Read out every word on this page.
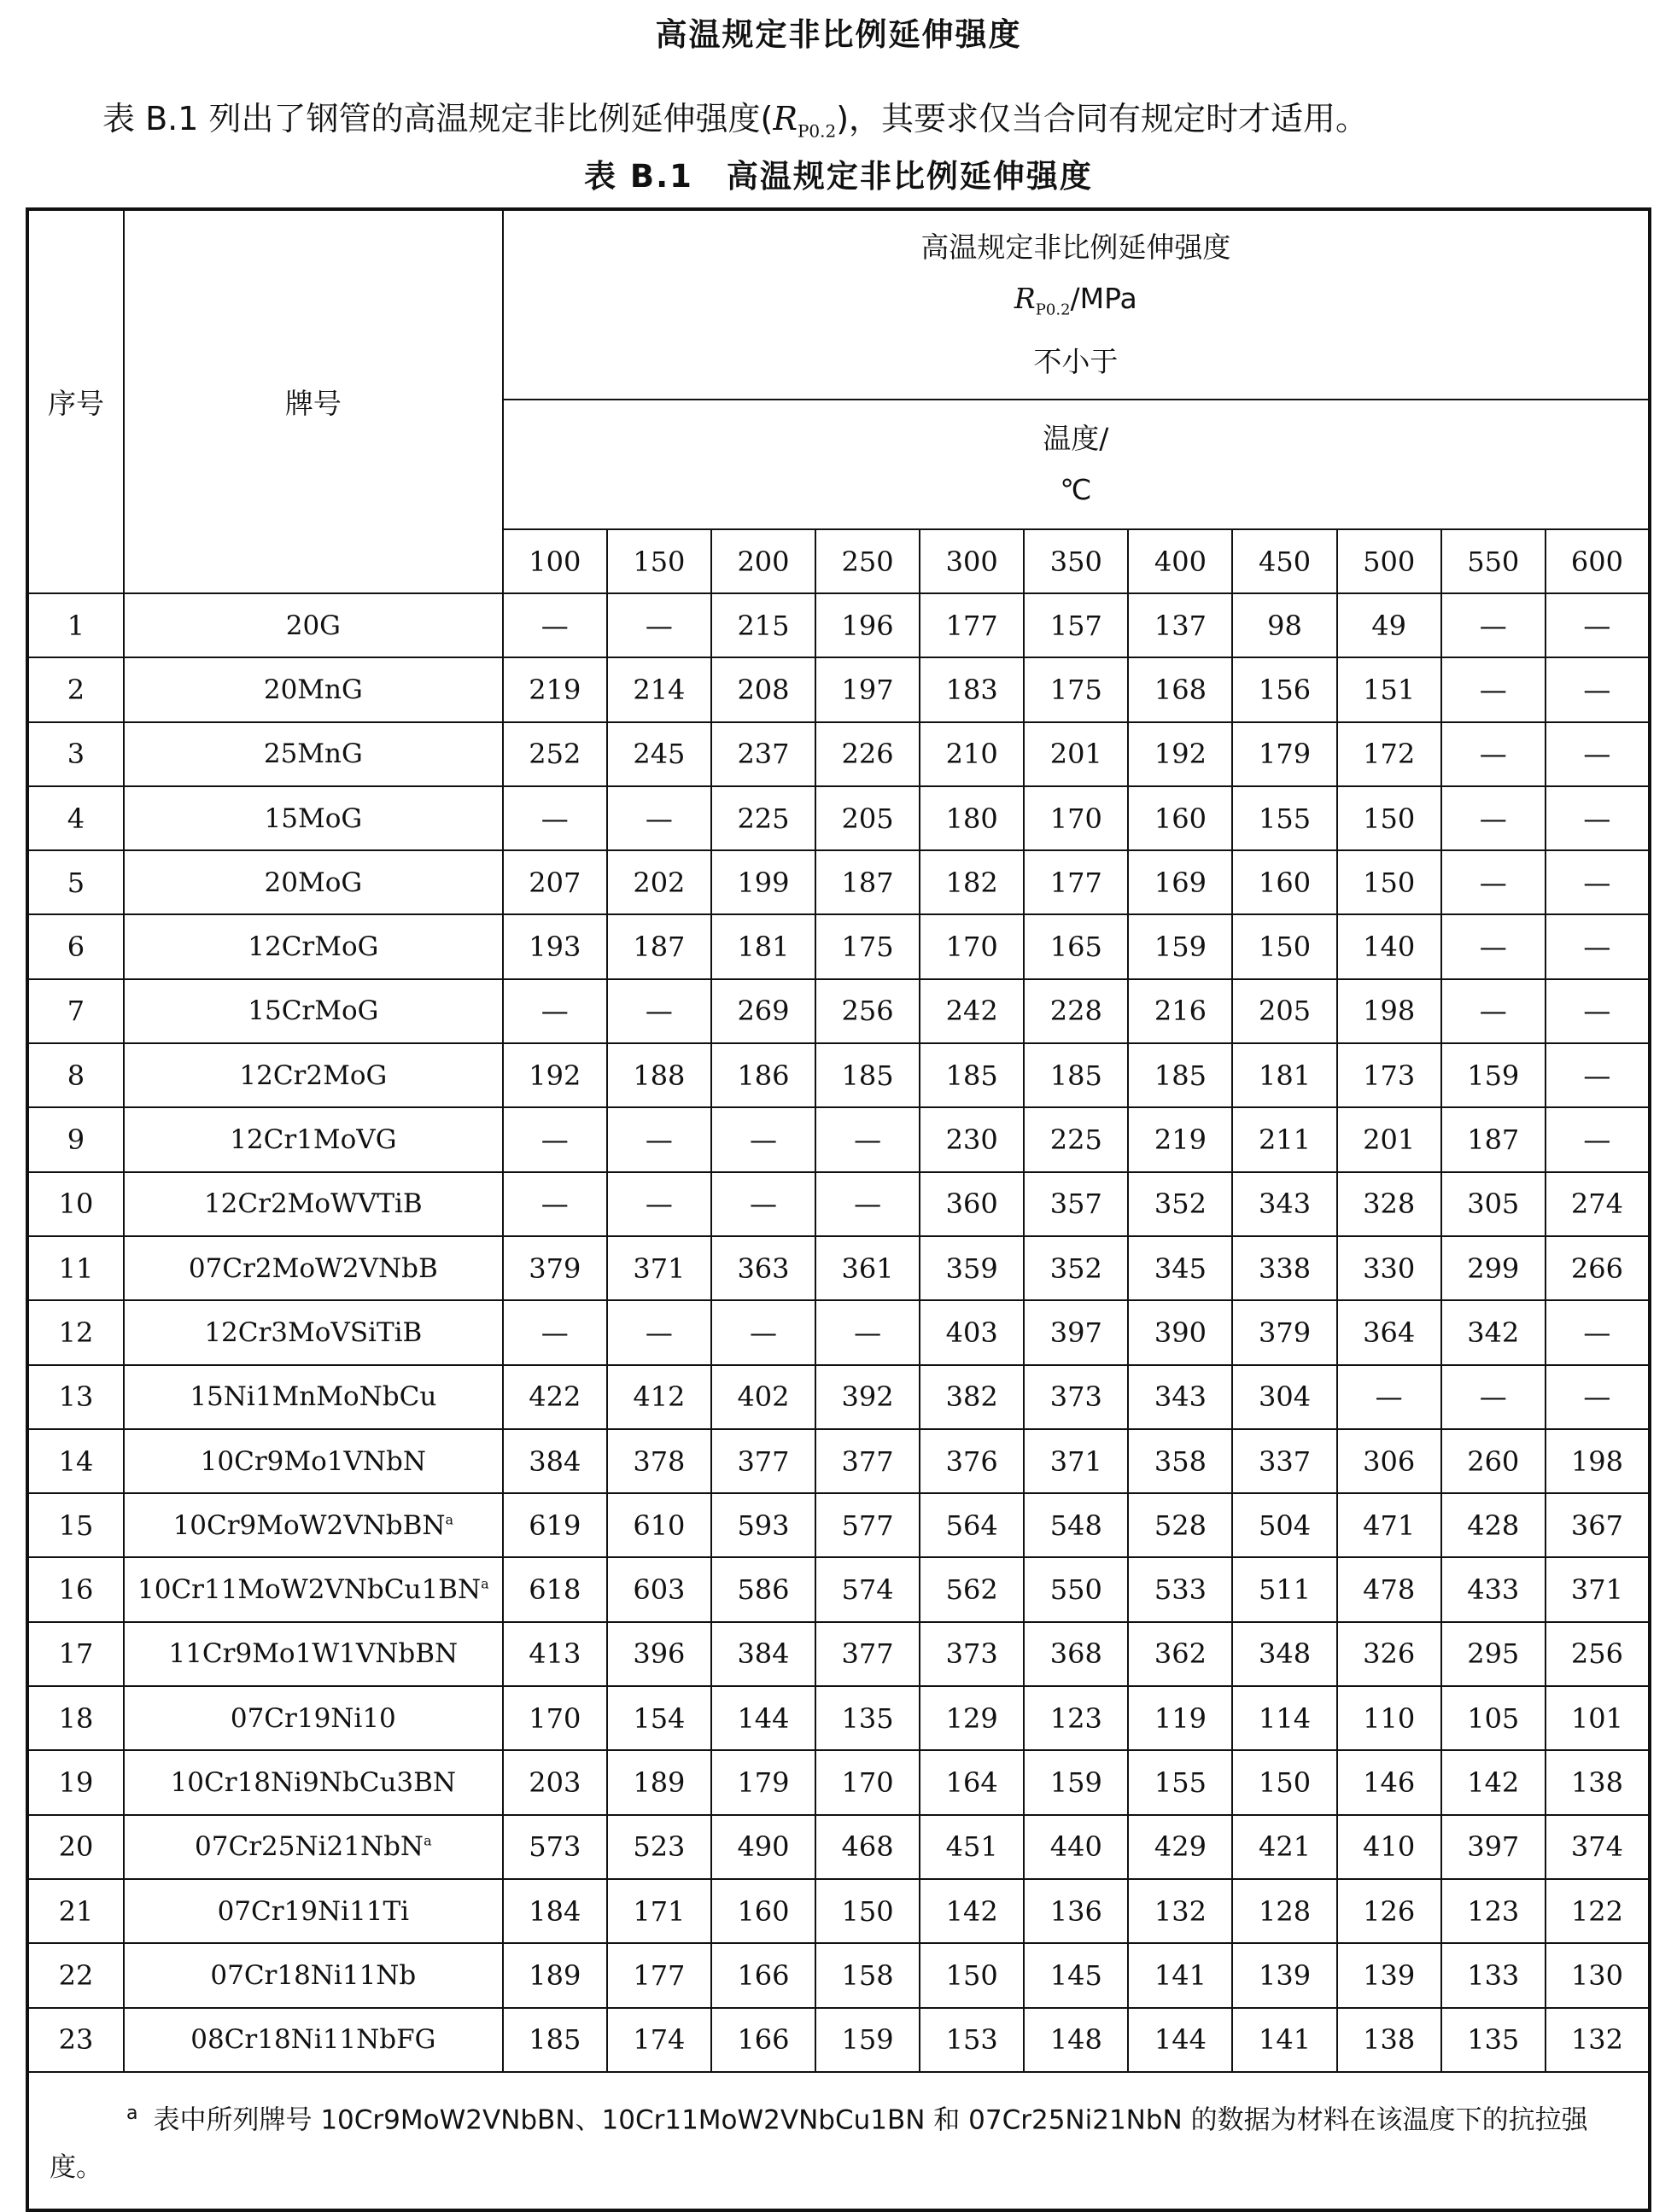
高温规定非比例延伸强度
表 B.1 列出了钢管的高温规定非比例延伸强度$(R_{P0.2})$，其要求仅当合同有规定时才适用。
表 B.1　高温规定非比例延伸强度
序号	牌号	高温规定非比例延伸强度
$R_{P0.2}$/MPa
不小于										

		温度/
℃										

		100	150	200	250	300	350	400	450	500	550	600
1	20G	—	—	215	196	177	157	137	98	49	—	—
2	20MnG	219	214	208	197	183	175	168	156	151	—	—
3	25MnG	252	245	237	226	210	201	192	179	172	—	—
4	15MoG	—	—	225	205	180	170	160	155	150	—	—
5	20MoG	207	202	199	187	182	177	169	160	150	—	—
6	12CrMoG	193	187	181	175	170	165	159	150	140	—	—
7	15CrMoG	—	—	269	256	242	228	216	205	198	—	—
8	12Cr2MoG	192	188	186	185	185	185	185	181	173	159	—
9	12Cr1MoVG	—	—	—	—	230	225	219	211	201	187	—
10	12Cr2MoWVTiB	—	—	—	—	360	357	352	343	328	305	274
11	07Cr2MoW2VNbB	379	371	363	361	359	352	345	338	330	299	266
12	12Cr3MoVSiTiB	—	—	—	—	403	397	390	379	364	342	—
13	15Ni1MnMoNbCu	422	412	402	392	382	373	343	304	—	—	—
14	10Cr9Mo1VNbN	384	378	377	377	376	371	358	337	306	260	198
15	10Cr9MoW2VNbBN$^a$	619	610	593	577	564	548	528	504	471	428	367
16	$10Cr11MoW2VNbCu1BN^a$	618	603	586	574	562	550	533	511	478	433	371
17	11Cr9Mo1W1VNbBN	413	396	384	377	373	368	362	348	326	295	256
18	07Cr19Ni10	170	154	144	135	129	123	119	114	110	105	101
19	10Cr18Ni9NbCu3BN	203	189	179	170	164	159	155	150	146	142	138
20	07Cr25Ni21NbN$^a$	573	523	490	468	451	440	429	421	410	397	374
21	07Cr19Ni11Ti	184	171	160	150	142	136	132	128	126	123	122
22	07Cr18Ni11Nb	189	177	166	158	150	145	141	139	139	133	130
23	08Cr18Ni11NbFG	185	174	166	159	153	148	144	141	138	135	132
$^a$ 表中所列牌号 10Cr9MoW2VNbBN、10Cr11MoW2VNbCu1BN 和 07Cr25Ni21NbN 的数据为材料在该温度下的抗拉强度。												
